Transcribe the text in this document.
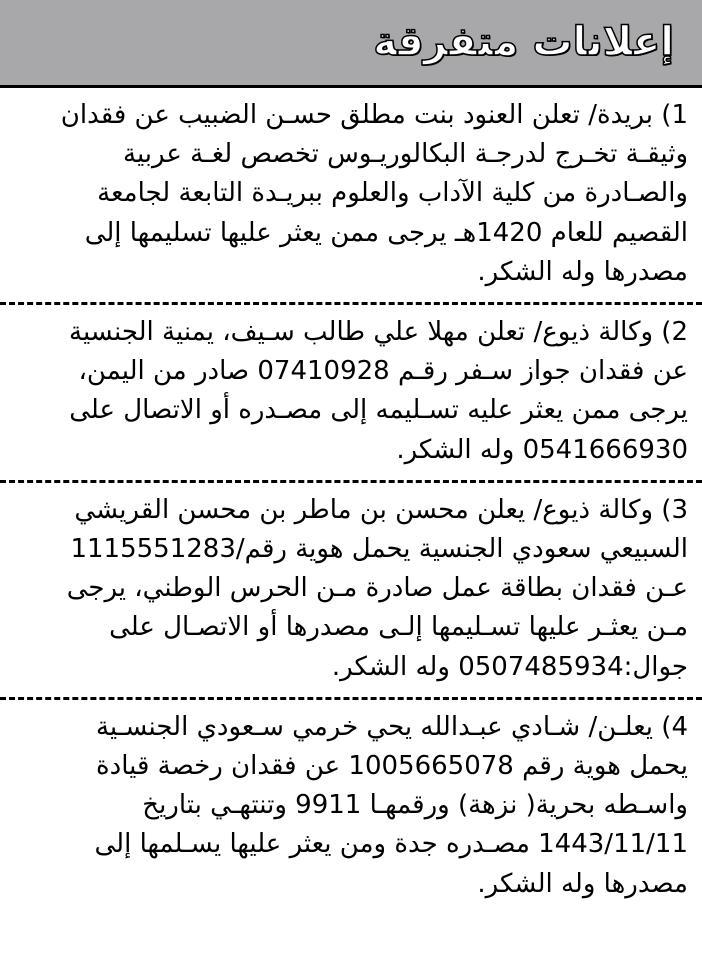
إعلانات متفرقة
1) بريدة/ تعلن العنود بنت مطلق حسـن الضبيب عن فقدان
وثيقـة تخـرج لدرجـة البكالوريـوس تخصص لغـة عربية
والصـادرة من كلية الآداب والعلوم ببريـدة التابعة لجامعة
القصيم للعام 1420هـ يرجى ممن يعثر عليها تسليمها إلى
مصدرها وله الشكر.
2) وكالة ذيوع/ تعلن مهلا علي طالب سـيف، يمنية الجنسية
عن فقدان جواز سـفر رقـم 07410928 صادر من اليمن،
يرجى ممن يعثر عليه تسـليمه إلى مصـدره أو الاتصال على
0541666930 وله الشكر.
3) وكالة ذيوع/ يعلن محسن بن ماطر بن محسن القريشي
السبيعي سعودي الجنسية يحمل هوية رقم/1115551283
عـن فقدان بطاقة عمل صادرة مـن الحرس الوطني، يرجى
مـن يعثـر عليها تسـليمها إلـى مصدرها أو الاتصـال على
جوال:0507485934 وله الشكر.
4) يعلـن/ شـادي عبـدالله يحي خرمي سـعودي الجنسـية
يحمل هوية رقم 1005665078 عن فقدان رخصة قيادة
واسـطه بحرية( نزهة) ورقمهـا 9911 وتنتهـي بتاريخ
1443/11/11 مصـدره جدة ومن يعثر عليها يسـلمها إلى
مصدرها وله الشكر.
